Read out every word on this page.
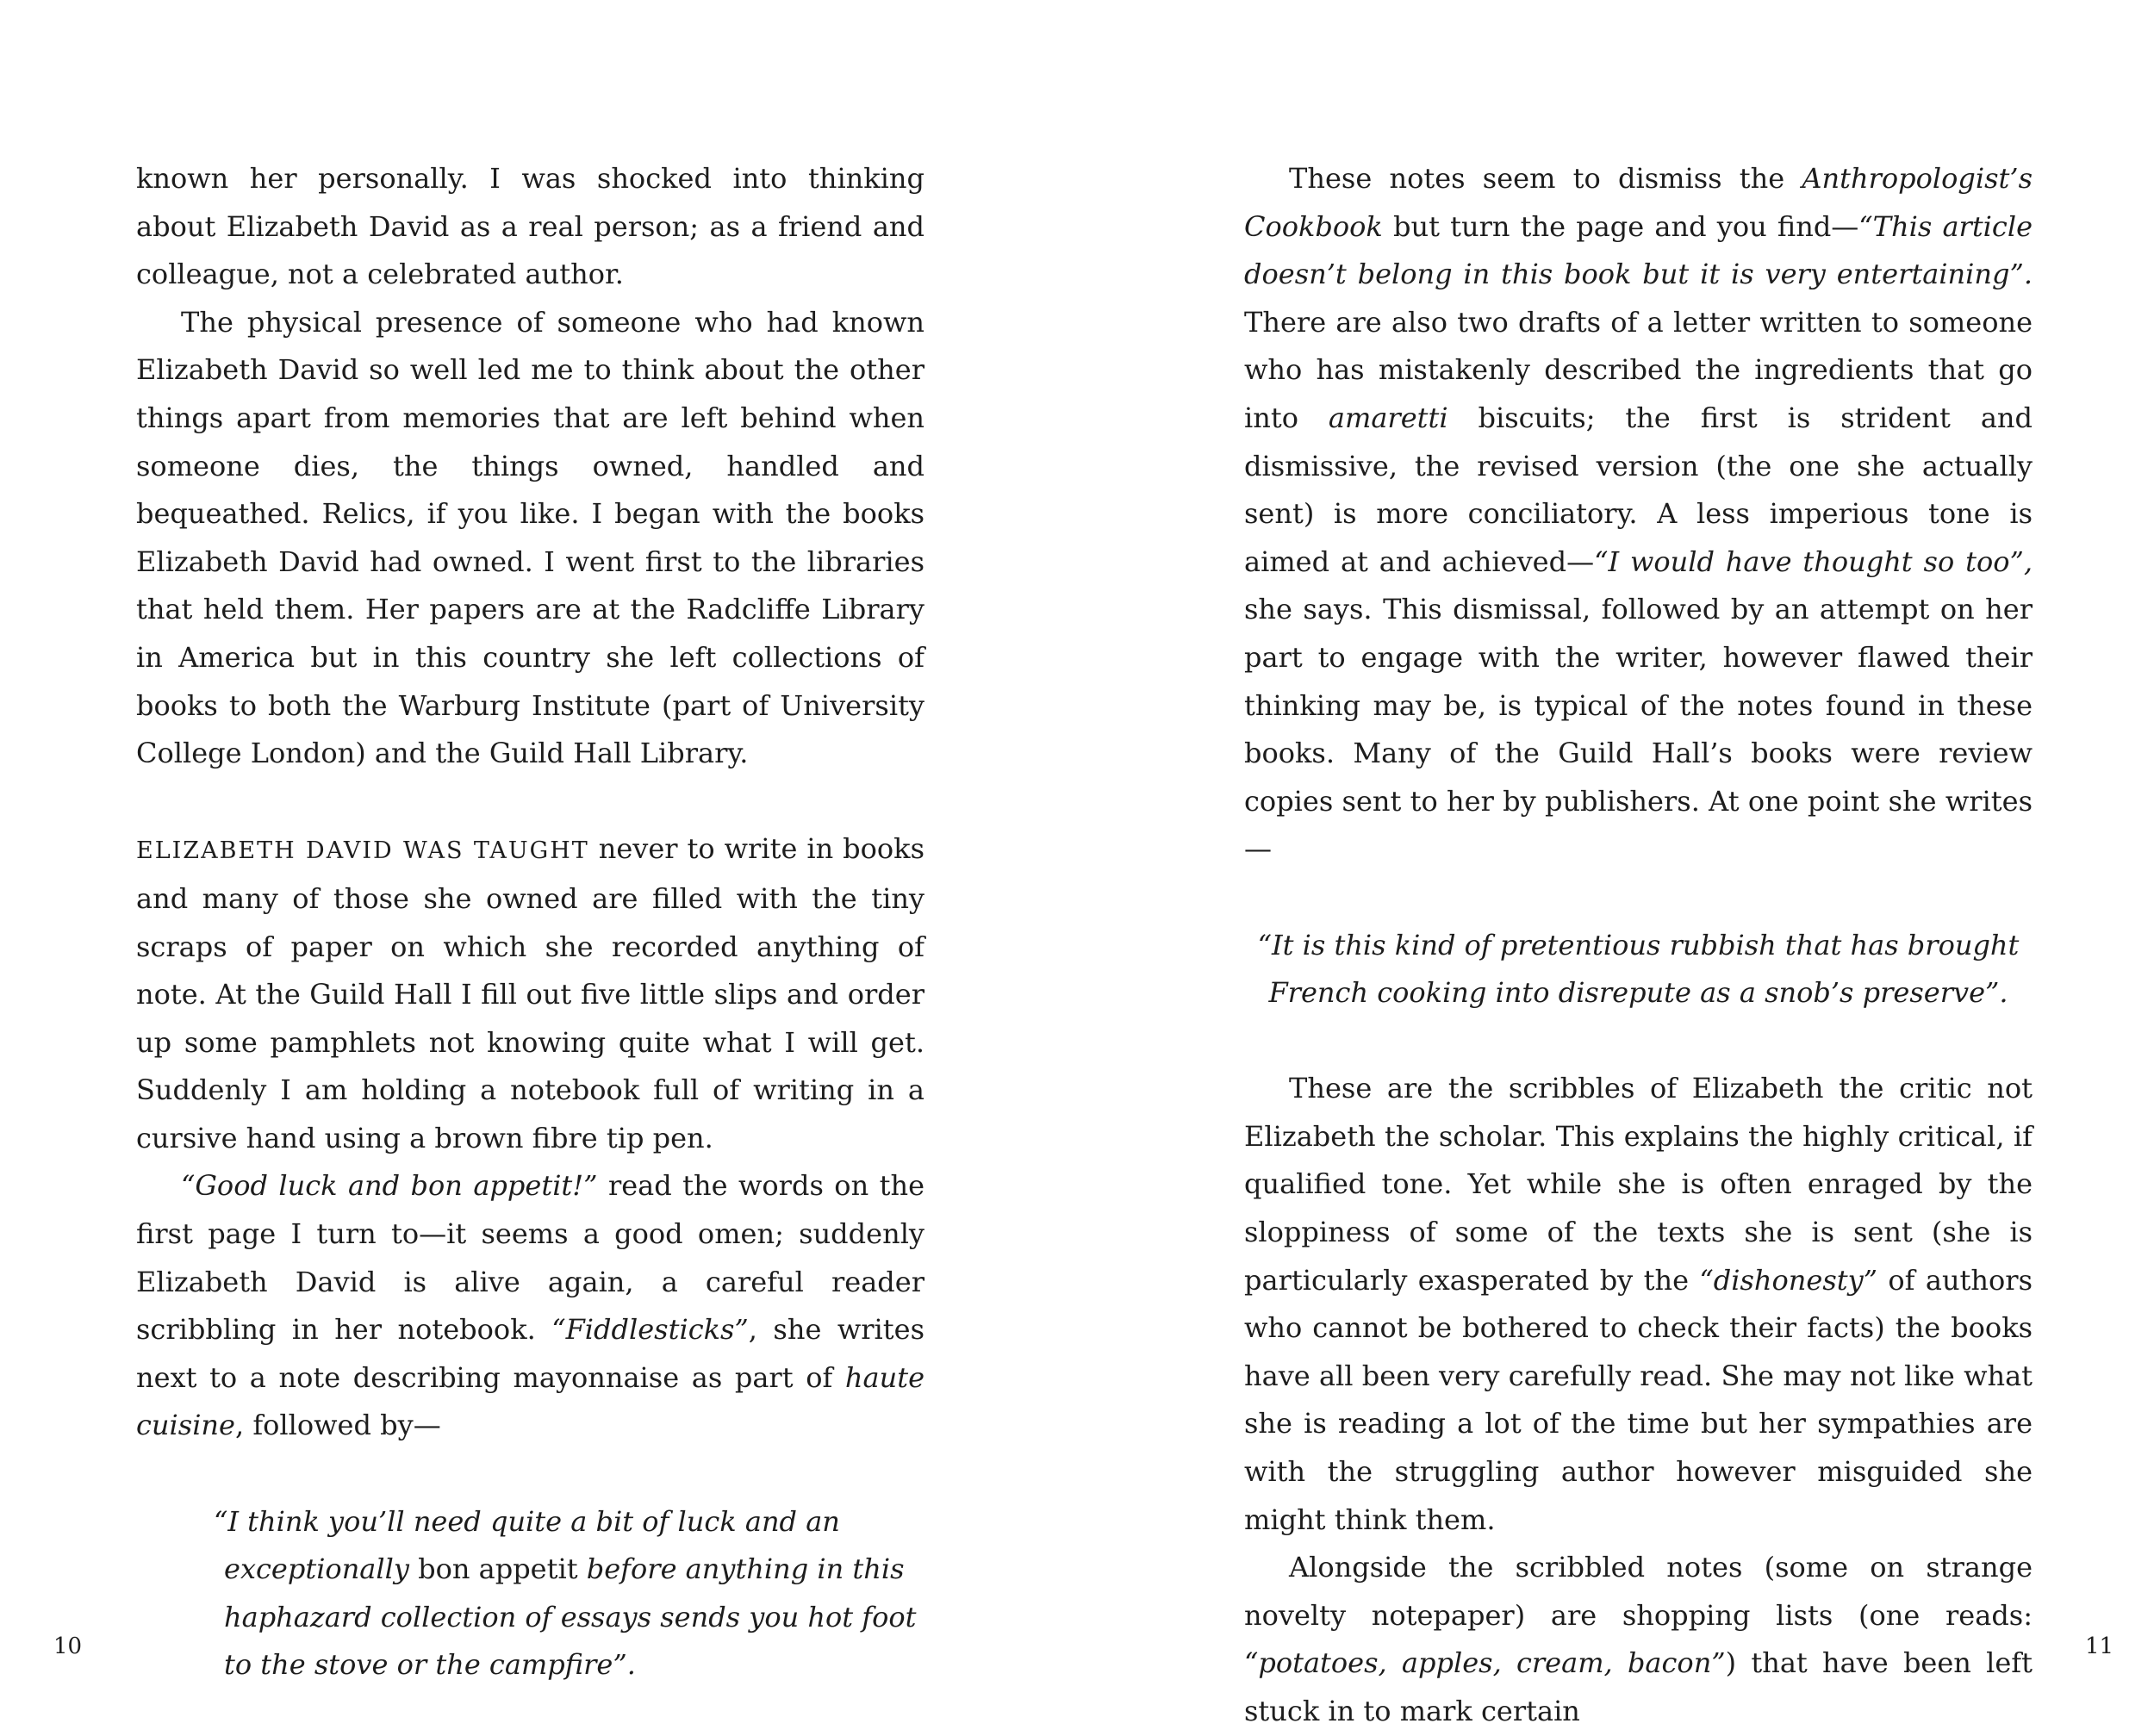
known her personally. I was shocked into thinking about Elizabeth David as a real person; as a friend and colleague, not a celebrated author.

The physical presence of someone who had known Elizabeth David so well led me to think about the other things apart from memories that are left behind when someone dies, the things owned, handled and bequeathed. Relics, if you like. I began with the books Elizabeth David had owned. I went first to the libraries that held them. Her papers are at the Radcliffe Library in America but in this country she left collections of books to both the Warburg Institute (part of University College London) and the Guild Hall Library.

ELIZABETH DAVID WAS TAUGHT never to write in books and many of those she owned are filled with the tiny scraps of paper on which she recorded anything of note. At the Guild Hall I fill out five little slips and order up some pamphlets not knowing quite what I will get. Suddenly I am holding a notebook full of writing in a cursive hand using a brown fibre tip pen.

“Good luck and bon appetit!” read the words on the first page I turn to—it seems a good omen; suddenly Elizabeth David is alive again, a careful reader scribbling in her notebook. “Fiddlesticks”, she writes next to a note describing mayonnaise as part of haute cuisine, followed by—

“I think you’ll need quite a bit of luck and an
exceptionally bon appetit before anything in this
haphazard collection of essays sends you hot foot
to the stove or the campfire”.
10

These notes seem to dismiss the Anthropologist’s Cookbook but turn the page and you find—“This article doesn’t belong in this book but it is very entertaining”. There are also two drafts of a letter written to someone who has mistakenly described the ingredients that go into amaretti biscuits; the first is strident and dismissive, the revised version (the one she actually sent) is more conciliatory. A less imperious tone is aimed at and achieved—“I would have thought so too”, she says. This dismissal, followed by an attempt on her part to engage with the writer, however flawed their thinking may be, is typical of the notes found in these books. Many of the Guild Hall’s books were review copies sent to her by publishers. At one point she writes—

“It is this kind of pretentious rubbish that has brought
French cooking into disrepute as a snob’s preserve”.

These are the scribbles of Elizabeth the critic not Elizabeth the scholar. This explains the highly critical, if qualified tone. Yet while she is often enraged by the sloppiness of some of the texts she is sent (she is particularly exasperated by the “dishonesty” of authors who cannot be bothered to check their facts) the books have all been very carefully read. She may not like what she is reading a lot of the time but her sympathies are with the struggling author however misguided she might think them.

Alongside the scribbled notes (some on strange novelty notepaper) are shopping lists (one reads: “potatoes, apples, cream, bacon”) that have been left stuck in to mark certain

11
